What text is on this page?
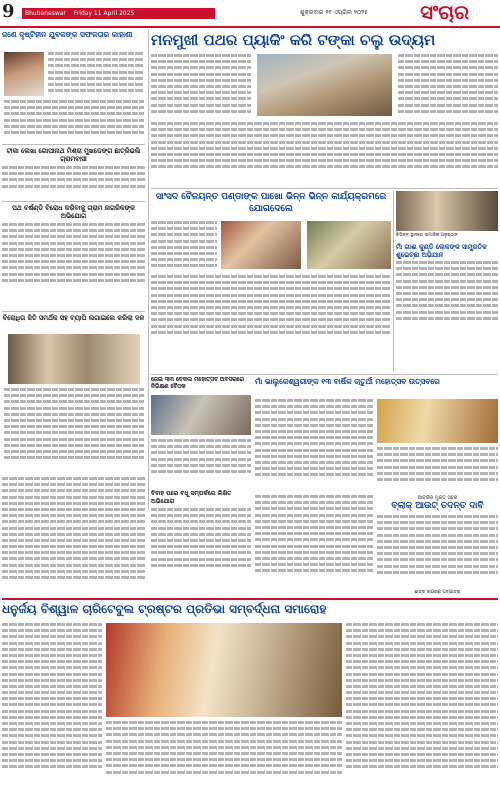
9	Bhubaneswar Friday 11 April 2025	ଶୁକ୍ରବାର ୧୧ ଏପ୍ରିଲ ୨୦୨୫	ସଂଚାର
ଜଣେ ଦୃଷ୍ଟିହୀନ ଯୁବକଙ୍କ ସଫଳତାର କାହାଣୀ
ଟୀକା ଲେଖା ଗୋପୀନାଥ ମିଶ୍ରା ମୁଖଡେଙ୍ଗ ଛାତ୍ରିଭଲି ଗ୍ରାମବାସୀ
ପଥ ବର୍ଷଣ୍ଡି ବିରୋଧ କରିବାକୁ ଗ୍ରାମ ନାଗରିକଙ୍କ ଅଭିଯୋଗ
ବିରୋଧିତା ଜିତି ସମର୍ଥକ ସହ ବ୍ୟାପି ଲଗାଇଲେ କରିଲା ଦଳ
ମନମୁଖୀ ପଥର ପ୍ୟାକିଂ କରି ଟଙ୍କା ଚଲୁ ଉଦ୍ୟମ
ସାଂସଦ ବୈଜୟନ୍ତ ପଣ୍ଡାଙ୍କ ପାଖୋ ଭିନ୍ନ ଭିନ୍ନ କାର୍ଯ୍ୟକ୍ରମରେ ଯୋଗଦେଲେ
ବିଭିନ୍ନ ସ୍ଥାନରେ ସାମାଜିକ ଅନୁଷ୍ଠାନ
ମାଁ ଗାଈ କୁଣ୍ଡି ଲୋକଙ୍କ ସାମ୍ପ୍ରତିକ ଶୁଭେଚ୍ଛା ଅଭିଯାନ
ଜେଇ ୩୩ ବେକଲ ମହୋତ୍ସବ ଅବସରରେ ନିରିକ୍ଷଣ ବୈଠକ
ମାଁ ଭାଲୁକେଶ୍ୱରୀଙ୍କ ୧୩ ବାର୍ଷିକ ଚାତୁର୍ଥୀ ମହୋତ୍ସବ ଉତ୍ସବରେ
ବିବାହ ପରେ ବଧୂ ସମ୍ପର୍କରେ ଲିଖିତ ଅଭିଯୋଗ	ଆବର୍ଜନା ମୁକ୍ତ ସହର
ବ୍ଲାକ୍ ଆଉଟ୍ ତଦନ୍ତ ଦାବି
ଧନୁର୍ଜୟ ବିଶ୍ୱାଳ ଚାରିଟେବୁଲ ଟ୍ରଷ୍ଟର ପ୍ରତିଭା ସମ୍ବର୍ଦ୍ଧନା ସମାରୋହ
ଛାତ୍ର ଜାଗରଣ ପଦଯାତ୍ରା
